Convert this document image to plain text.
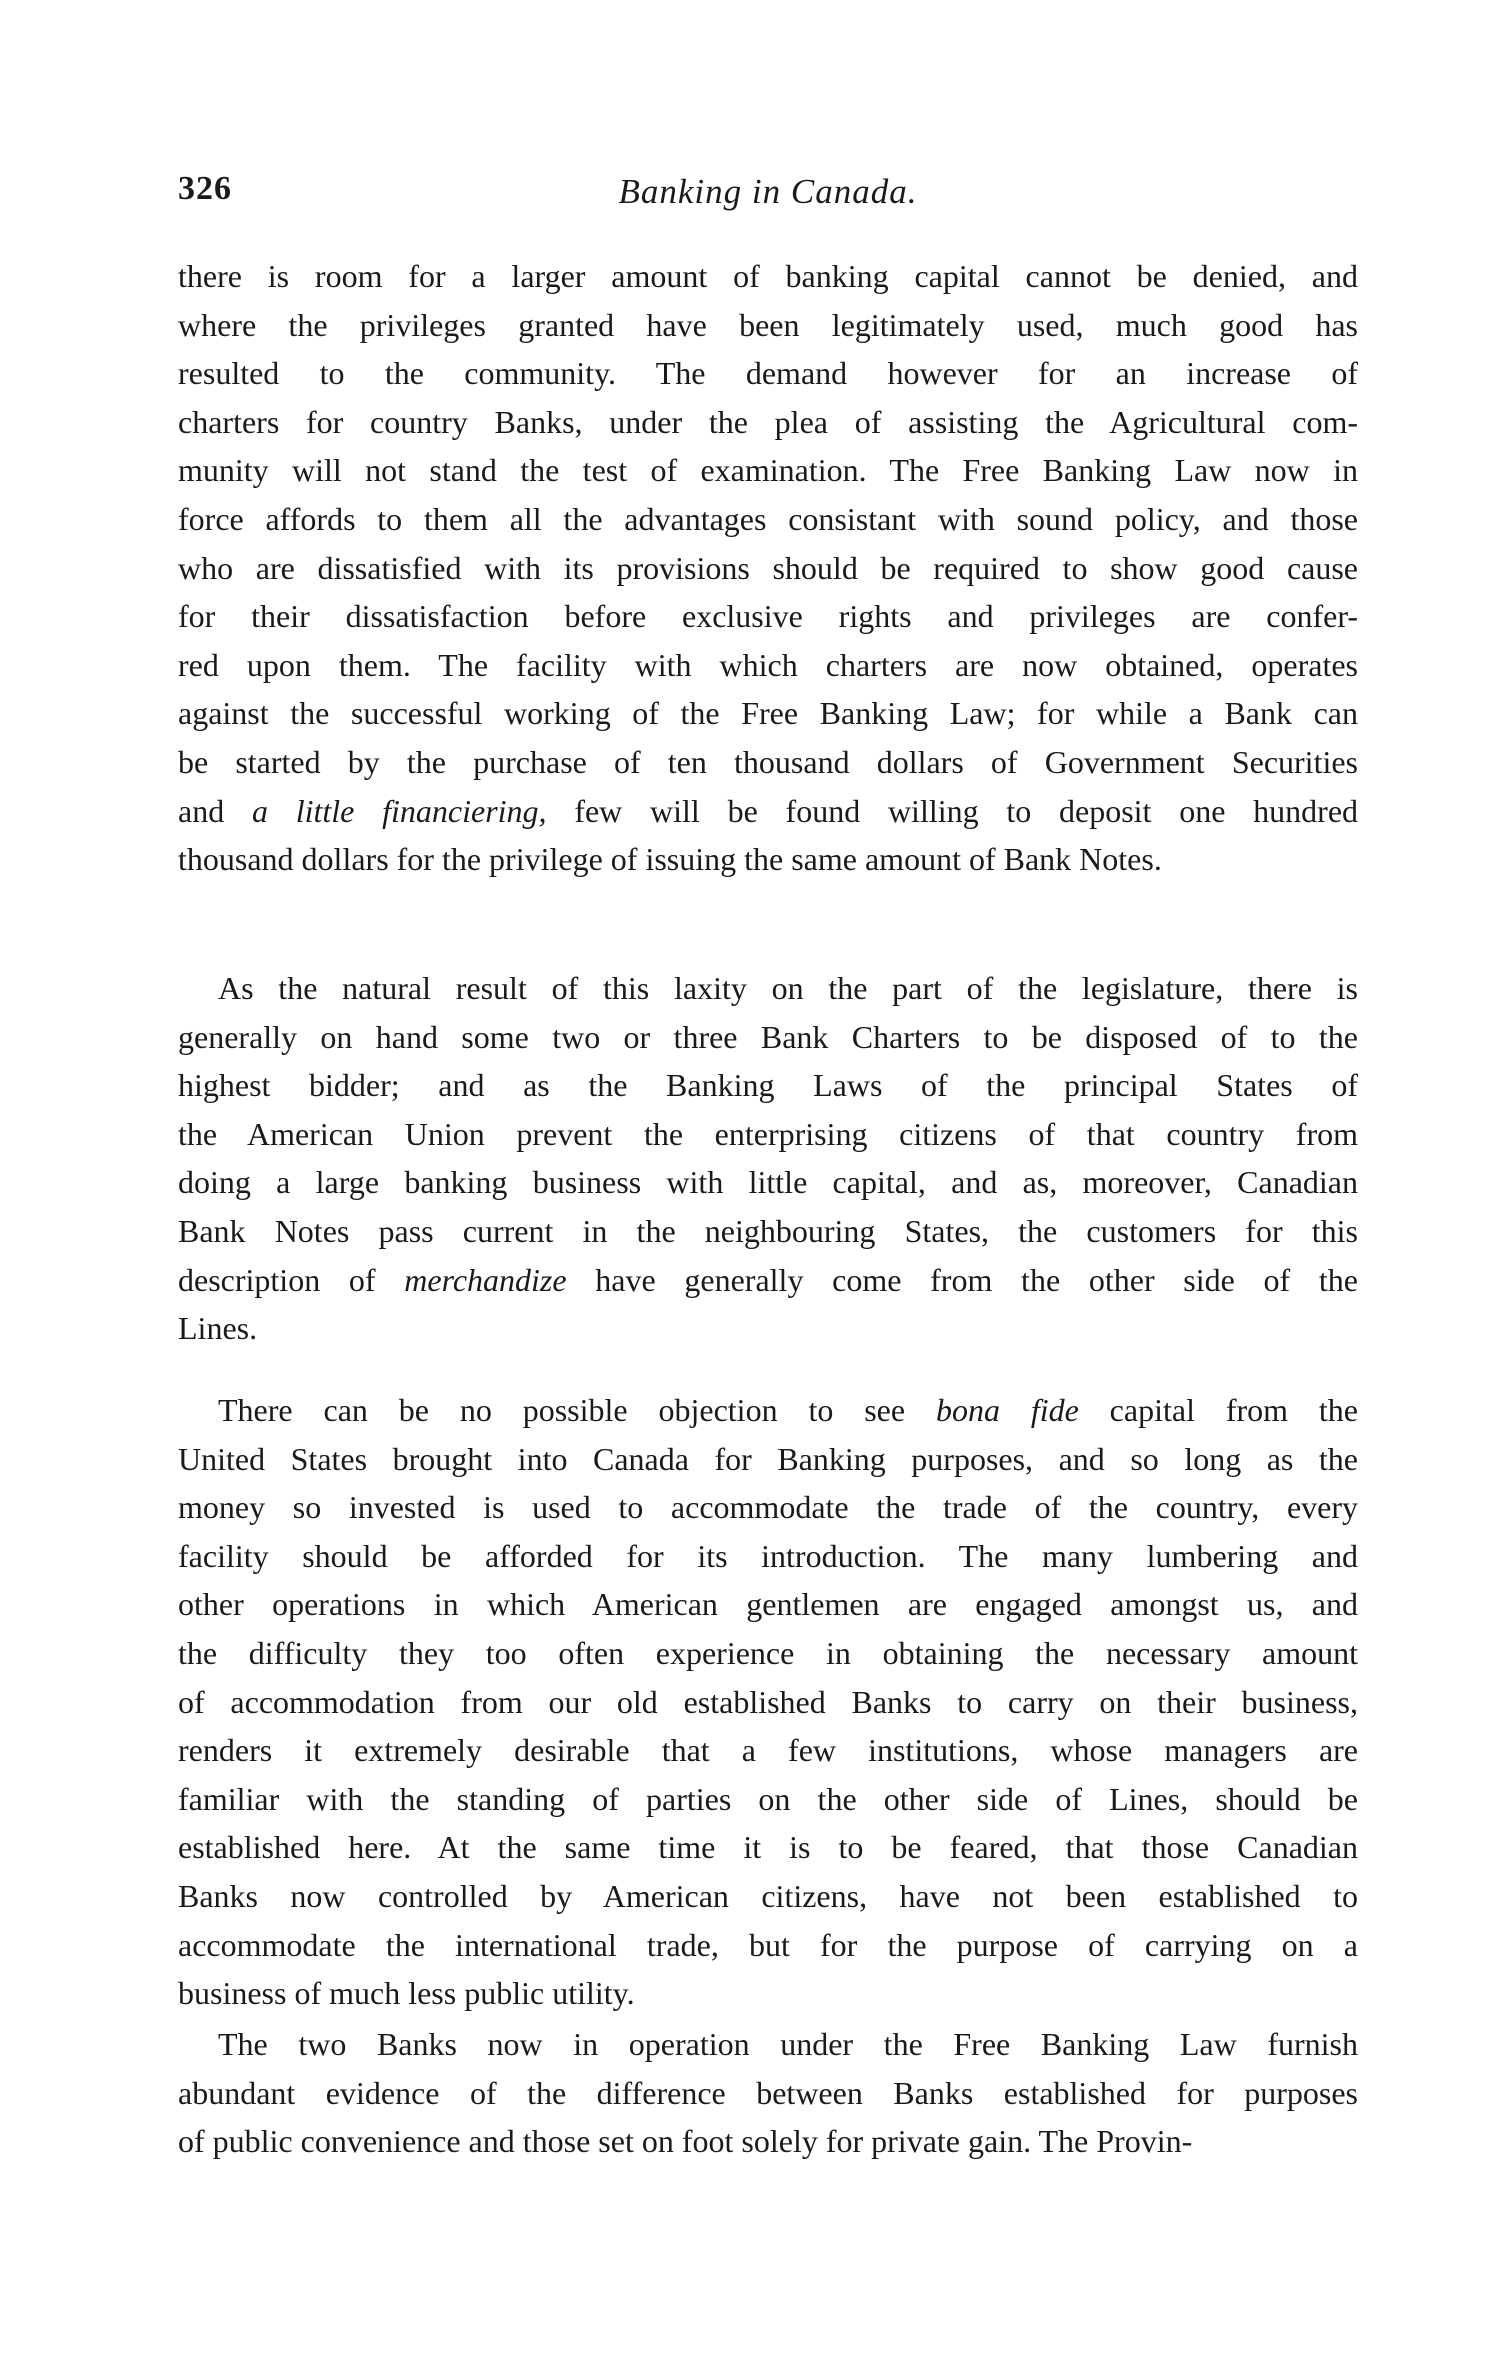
326	Banking in Canada.
there is room for a larger amount of banking capital cannot be denied, and
where the privileges granted have been legitimately used, much good has
resulted to the community. The demand however for an increase of
charters for country Banks, under the plea of assisting the Agricultural com-
munity will not stand the test of examination. The Free Banking Law now in
force affords to them all the advantages consistant with sound policy, and those
who are dissatisfied with its provisions should be required to show good cause
for their dissatisfaction before exclusive rights and privileges are confer-
red upon them. The facility with which charters are now obtained, operates
against the successful working of the Free Banking Law; for while a Bank can
be started by the purchase of ten thousand dollars of Government Securities
and a little financiering, few will be found willing to deposit one hundred
thousand dollars for the privilege of issuing the same amount of Bank Notes.
As the natural result of this laxity on the part of the legislature, there is
generally on hand some two or three Bank Charters to be disposed of to the
highest bidder; and as the Banking Laws of the principal States of
the American Union prevent the enterprising citizens of that country from
doing a large banking business with little capital, and as, moreover, Canadian
Bank Notes pass current in the neighbouring States, the customers for this
description of merchandize have generally come from the other side of the
Lines.
There can be no possible objection to see bona fide capital from the
United States brought into Canada for Banking purposes, and so long as the
money so invested is used to accommodate the trade of the country, every
facility should be afforded for its introduction. The many lumbering and
other operations in which American gentlemen are engaged amongst us, and
the difficulty they too often experience in obtaining the necessary amount
of accommodation from our old established Banks to carry on their business,
renders it extremely desirable that a few institutions, whose managers are
familiar with the standing of parties on the other side of Lines, should be
established here. At the same time it is to be feared, that those Canadian
Banks now controlled by American citizens, have not been established to
accommodate the international trade, but for the purpose of carrying on a
business of much less public utility.
The two Banks now in operation under the Free Banking Law furnish
abundant evidence of the difference between Banks established for purposes
of public convenience and those set on foot solely for private gain. The Provin-
